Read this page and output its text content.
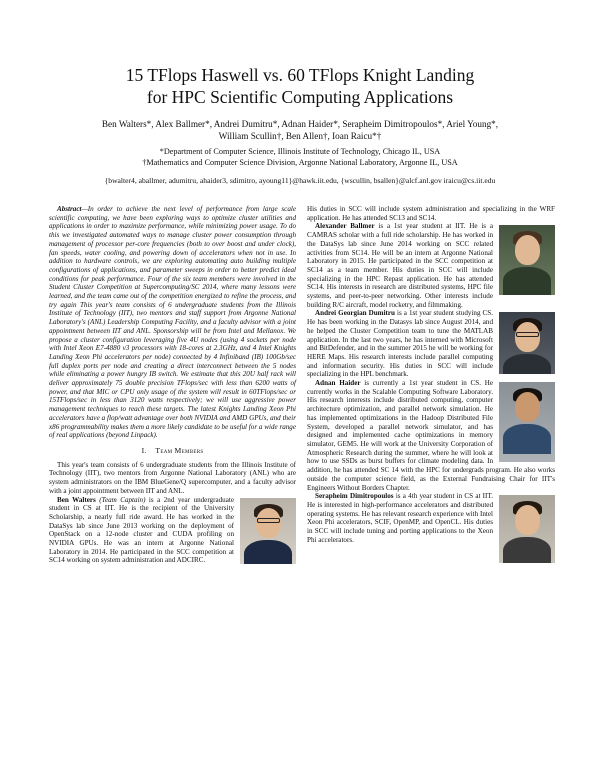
15 TFlops Haswell vs. 60 TFlops Knight Landing
for HPC Scientific Computing Applications
Ben Walters*, Alex Ballmer*, Andrei Dumitru*, Adnan Haider*, Serapheim Dimitropoulos*, Ariel Young*,
William Scullin†, Ben Allen†, Ioan Raicu*†
*Department of Computer Science, Illinois Institute of Technology, Chicago IL, USA
†Mathematics and Computer Science Division, Argonne National Laboratory, Argonne IL, USA
{bwalter4, aballmer, adumitru, ahaider3, sdimitro, ayoung11}@hawk.iit.edu, {wscullin, bsallen}@alcf.anl.gov iraicu@cs.iit.edu

Abstract—In order to achieve the next level of performance from large scale scientific computing, we have been exploring ways to optimize cluster utilities and applications in order to maximize performance, while minimizing power usage. To do this we investigated automated ways to manage cluster power consumption through management of processor per-core frequencies (both to over boost and under clock), fan speeds, water cooling, and powering down of accelerators when not in use. In addition to hardware controls, we are exploring automating auto building multiple configurations of applications, and parameter sweeps in order to better predict ideal conditions for peak performance. Four of the six team members were involved in the Student Cluster Competition at Supercomputing/SC 2014, where many lessons were learned, and the team came out of the competition energized to refine the process, and try again This year's team consists of 6 undergraduate students from the Illinois Institute of Technology (IIT), two mentors and staff support from Argonne National Laboratory's (ANL) Leadership Computing Facility, and a faculty advisor with a joint appointment between IIT and ANL. Sponsorship will be from Intel and Mellanox. We propose a cluster configuration leveraging five 4U nodes (using 4 sockets per node with Intel Xeon E7-4880 v3 processors with 18-cores at 2.3GHz, and 4 Intel Knights Landing Xeon Phi accelerators per node) connected by 4 Infiniband (IB) 100Gb/sec full duplex ports per node and creating a direct interconnect between the 5 nodes while eliminating a power hungry IB switch. We estimate that this 20U half rack will deliver approximately 75 double precision TFlops/sec with less than 6200 watts of power, and that MIC or CPU only usage of the system will result in 60TFlops/sec or 15TFlops/sec in less than 3120 watts respectively; we will use aggressive power management techniques to reach these targets. The latest Knights Landing Xeon Phi accelerators have a flop/watt advantage over both NVIDIA and AMD GPUs, and their x86 programmability makes them a more likely candidate to be useful for a wide range of real applications (beyond Linpack).

I. Team Members

This year's team consists of 6 undergraduate students from the Illinois Institute of Technology (IIT), two mentors from Argonne National Laboratory (ANL) who are system administrators on the IBM BlueGene/Q supercomputer, and a faculty advisor with a joint appointment between IIT and ANL.

Ben Walters (Team Captain) is a 2nd year undergraduate student in CS at IIT. He is the recipient of the University Scholarship, a nearly full ride award. He has worked in the DataSys lab since June 2013 working on the deployment of OpenStack on a 12-node cluster and CUDA profiling on NVIDIA GPUs. He was an intern at Argonne National Laboratory in 2014. He participated in the SCC competition at SC14 working on system administration and ADCIRC.

His duties in SCC will include system administration and specializing in the WRF application. He has attended SC13 and SC14.

Alexander Ballmer is a 1st year student at IIT. He is a CAMRAS scholar with a full ride scholarship. He has worked in the DataSys lab since June 2014 working on SCC related activities from SC14. He will be an intern at Argonne National Laboratory in 2015. He participated in the SCC competition at SC14 as a team member. His duties in SCC will include specializing in the HPC Repast application. He has attended SC14. His interests in research are distributed systems, HPC file systems, and peer-to-peer networking. Other interests include building R/C aircraft, model rocketry, and filmmaking.

Andrei Georgian Dumitru is a 1st year student studying CS. He has been working in the Datasys lab since August 2014, and he helped the Cluster Competition team to tune the MATLAB application. In the last two years, he has interned with Microsoft and BitDefender, and in the summer 2015 he will be working for HERE Maps. His research interests include parallel computing and information security. His duties in SCC will include specializing in the HPL benchmark.

Adnan Haider is currently a 1st year student in CS. He currently works in the Scalable Computing Software Laboratory. His research interests include distributed computing, computer architecture optimization, and parallel network simulation. He has implemented optimizations in the Hadoop Distributed File System, developed a parallel network simulator, and has designed and implemented cache optimizations in memory simulator, GEM5. He will work at the University Corporation of Atmospheric Research during the summer, where he will look at how to use SSDs as burst buffers for climate modeling data. In addition, he has attended SC 14 with the HPC for undergrads program. He also works outside the computer science field, as the External Fundraising Chair for IIT's Engineers Without Borders Chapter.

Serapheim Dimitropoulos is a 4th year student in CS at IIT. He is interested in high-performance accelerators and distributed operating systems. He has relevant research experience with Intel Xeon Phi accelerators, SCIF, OpenMP, and OpenCL. His duties in SCC will include tuning and porting applications to the Xeon Phi accelerators.
